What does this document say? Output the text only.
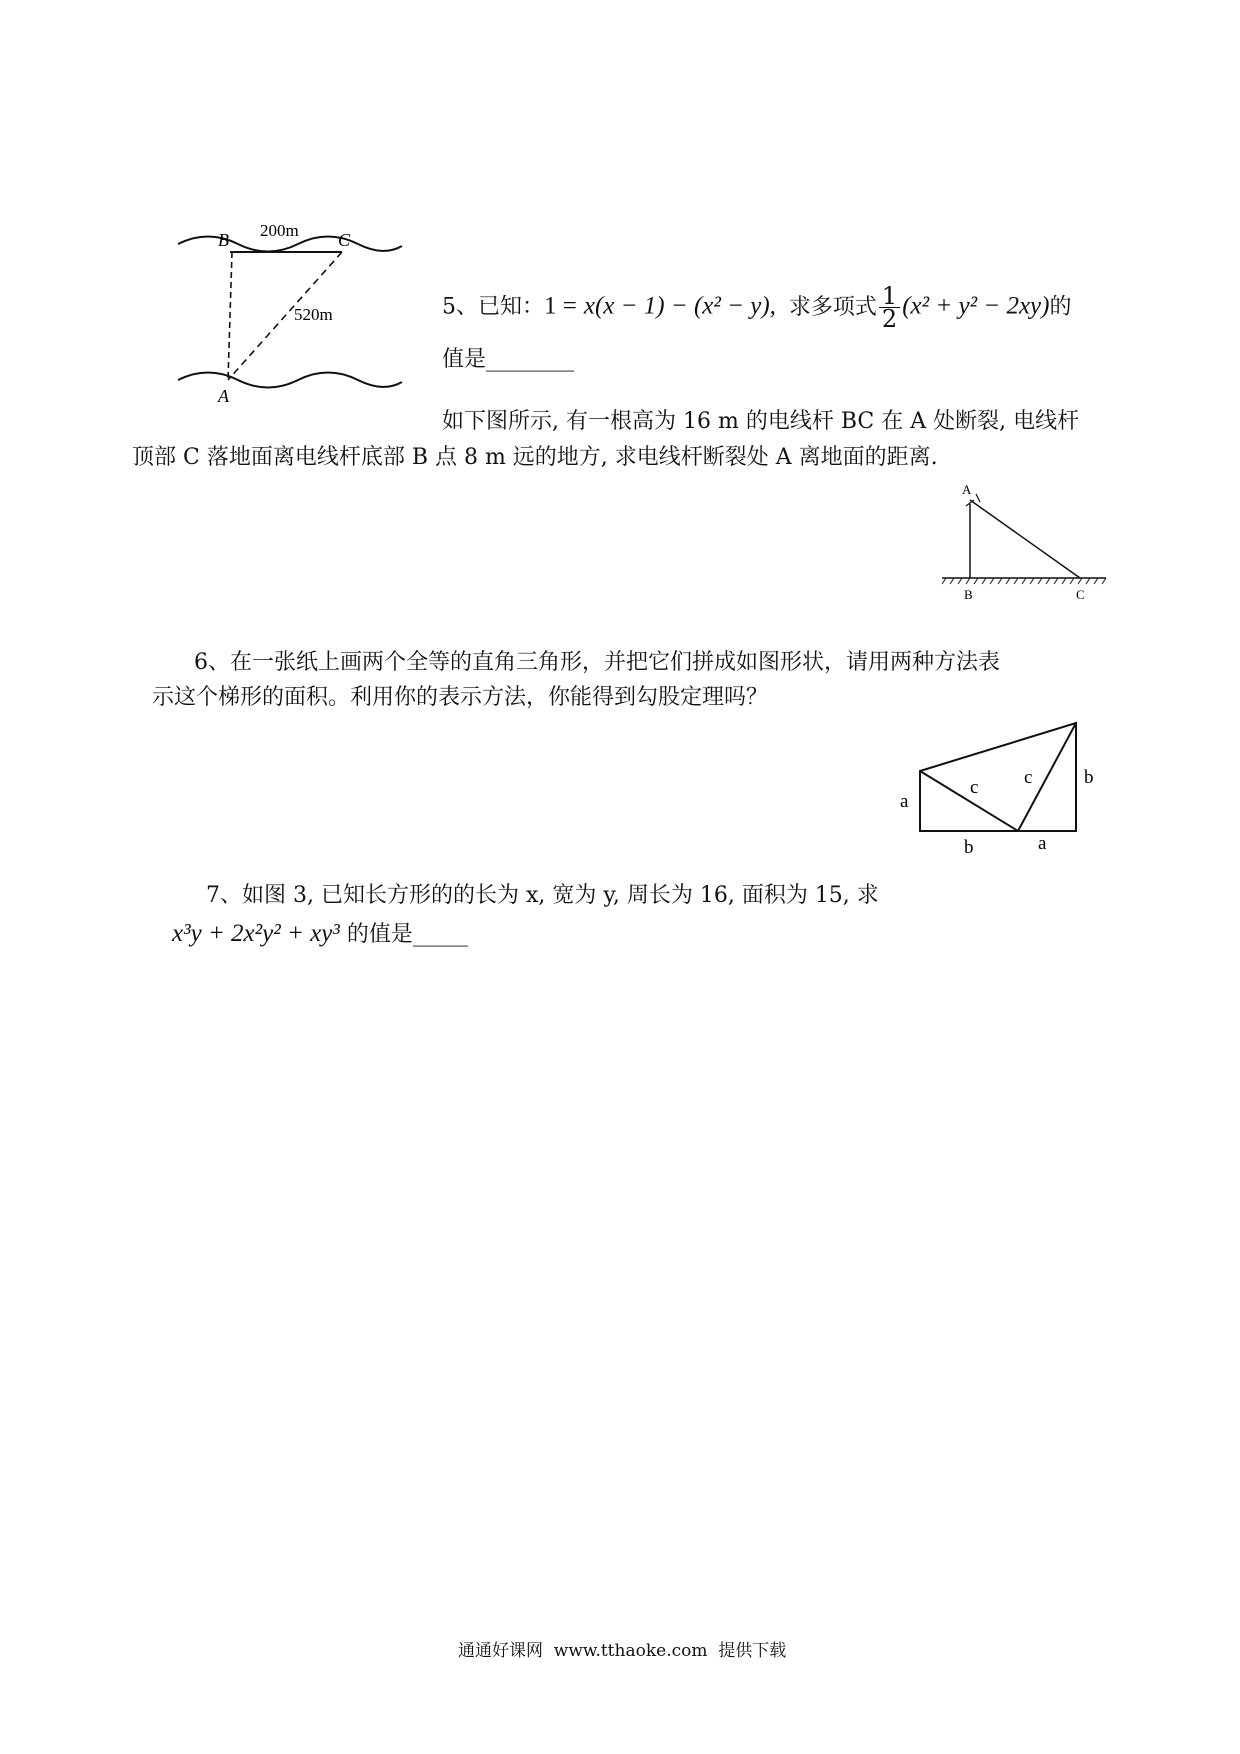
B	C
A
200m
520m	5、已知：1 = x(x − 1) − (x² − y), 求多项式 $\frac{1}{2} (x^2 + y^2 - 2xy)$的
值是________
如下图所示, 有一根高为 16 m 的电线杆 BC 在 A 处断裂, 电线杆
顶部 C 落地面离电线杆底部 B 点 8 m 远的地方, 求电线杆断裂处 A 离地面的距离.
A
B	C
6、在一张纸上画两个全等的直角三角形，并把它们拼成如图形状，请用两种方法表
示这个梯形的面积。利用你的表示方法，你能得到勾股定理吗？
a
b
c c
b	a
7、如图 3, 已知长方形的的长为 x, 宽为 y, 周长为 16, 面积为 15, 求
x³y + 2x²y² + xy³ 的值是_____
通通好课网  www.tthaoke.com  提供下载
